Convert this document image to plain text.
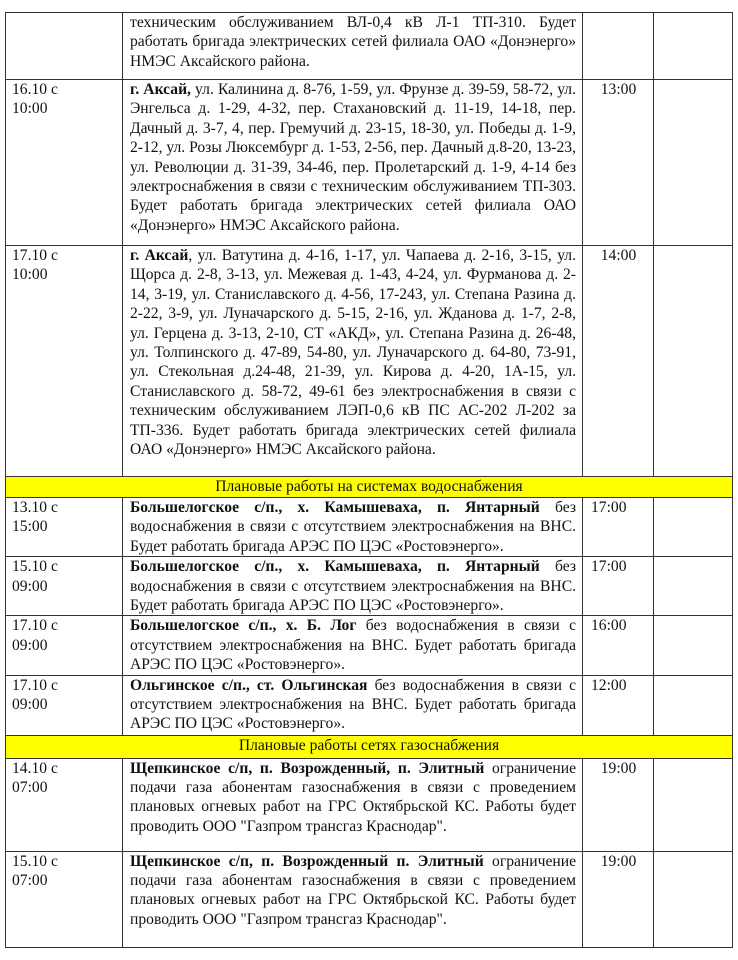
	техническим обслуживанием ВЛ-0,4 кВ Л-1 ТП-310. Будет работать бригада электрических сетей филиала ОАО «Донэнерго» НМЭС Аксайского района.		
16.10 с
10:00	г. Аксай, ул. Калинина д. 8-76, 1-59, ул. Фрунзе д. 39-59, 58-72, ул. Энгельса д. 1-29, 4-32, пер. Стахановский д. 11-19, 14-18, пер. Дачный д. 3-7, 4, пер. Гремучий д. 23-15, 18-30, ул. Победы д. 1-9, 2-12, ул. Розы Люксембург д. 1-53, 2-56, пер. Дачный д.8-20, 13-23, ул. Революции д. 31-39, 34-46, пер. Пролетарский д. 1-9, 4-14 без электроснабжения в связи с техническим обслуживанием ТП-303. Будет работать бригада электрических сетей филиала ОАО «Донэнерго» НМЭС Аксайского района.	13:00	
17.10 с
10:00	г. Аксай, ул. Ватутина д. 4-16, 1-17, ул. Чапаева д. 2-16, 3-15, ул. Щорса д. 2-8, 3-13, ул. Межевая д. 1-43, 4-24, ул. Фурманова д. 2-14, 3-19, ул. Станиславского д. 4-56, 17-243, ул. Степана Разина д. 2-22, 3-9, ул. Луначарского д. 5-15, 2-16, ул. Жданова д. 1-7, 2-8, ул. Герцена д. 3-13, 2-10, СТ «АКД», ул. Степана Разина д. 26-48, ул. Толпинского д. 47-89, 54-80, ул. Луначарского д. 64-80, 73-91, ул. Стекольная д.24-48, 21-39, ул. Кирова д. 4-20, 1А-15, ул. Станиславского д. 58-72, 49-61 без электроснабжения в связи с техническим обслуживанием ЛЭП-0,6 кВ ПС АС-202 Л-202 за ТП-336. Будет работать бригада электрических сетей филиала ОАО «Донэнерго» НМЭС Аксайского района.	14:00	
Плановые работы на системах водоснабжения			
13.10 с
15:00	Большелогское с/п., х. Камышеваха, п. Янтарный без водоснабжения в связи с отсутствием электроснабжения на ВНС. Будет работать бригада АРЭС ПО ЦЭС «Ростовэнерго».	17:00	
15.10 с
09:00	Большелогское с/п., х. Камышеваха, п. Янтарный без водоснабжения в связи с отсутствием электроснабжения на ВНС. Будет работать бригада АРЭС ПО ЦЭС «Ростовэнерго».	17:00	
17.10 с
09:00	Большелогское с/п., х. Б. Лог без водоснабжения в связи с отсутствием электроснабжения на ВНС. Будет работать бригада АРЭС ПО ЦЭС «Ростовэнерго».	16:00	
17.10 с
09:00	Ольгинское с/п., ст. Ольгинская без водоснабжения в связи с отсутствием электроснабжения на ВНС. Будет работать бригада АРЭС ПО ЦЭС «Ростовэнерго».	12:00	
Плановые работы сетях газоснабжения			
14.10 с
07:00	Щепкинское с/п, п. Возрожденный, п. Элитный ограничение подачи газа абонентам газоснабжения в связи с проведением плановых огневых работ на ГРС Октябрьской КС. Работы будет проводить ООО "Газпром трансгаз Краснодар".	19:00	
15.10 с
07:00	Щепкинское с/п, п. Возрожденный п. Элитный ограничение подачи газа абонентам газоснабжения в связи с проведением плановых огневых работ на ГРС Октябрьской КС. Работы будет проводить ООО "Газпром трансгаз Краснодар".	19:00	
